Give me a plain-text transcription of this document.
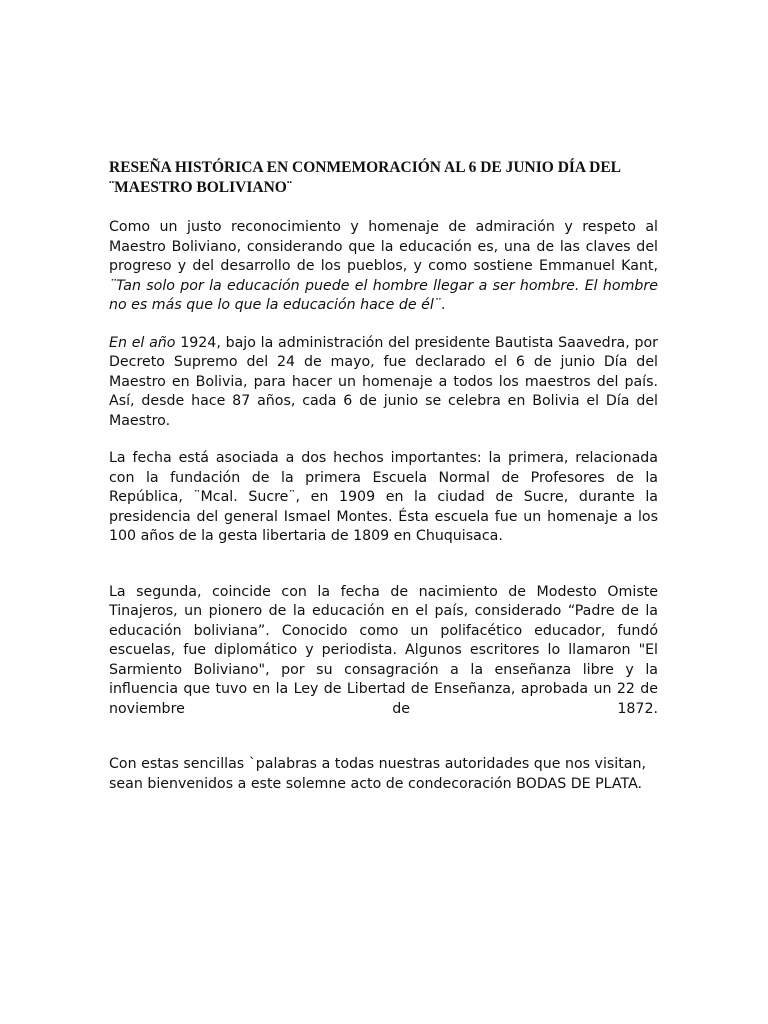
RESEÑA HISTÓRICA EN CONMEMORACIÓN AL 6 DE JUNIO DÍA DEL ¨MAESTRO BOLIVIANO¨

Como un justo reconocimiento y homenaje de admiración y respeto al Maestro Boliviano, considerando que la educación es, una de las claves del progreso y del desarrollo de los pueblos, y como sostiene Emmanuel Kant, ¨Tan solo por la educación puede el hombre llegar a ser hombre. El hombre no es más que lo que la educación hace de él¨.

En el año 1924, bajo la administración del presidente Bautista Saavedra, por Decreto Supremo del 24 de mayo, fue declarado el 6 de junio Día del Maestro en Bolivia, para hacer un homenaje a todos los maestros del país. Así, desde hace 87 años, cada 6 de junio se celebra en Bolivia el Día del Maestro.

La fecha está asociada a dos hechos importantes: la primera, relacionada con la fundación de la primera Escuela Normal de Profesores de la República, ¨Mcal. Sucre¨, en 1909 en la ciudad de Sucre, durante la presidencia del general Ismael Montes. Ésta escuela fue un homenaje a los 100 años de la gesta libertaria de 1809 en Chuquisaca.

La segunda, coincide con la fecha de nacimiento de Modesto Omiste Tinajeros, un pionero de la educación en el país, considerado “Padre de la educación boliviana”. Conocido como un polifacético educador, fundó escuelas, fue diplomático y periodista. Algunos escritores lo llamaron "El Sarmiento Boliviano", por su consagración a la enseñanza libre y la influencia que tuvo en la Ley de Libertad de Enseñanza, aprobada un 22 de noviembre de 1872.

Con estas sencillas `palabras a todas nuestras autoridades que nos visitan, sean bienvenidos a este solemne acto de condecoración BODAS DE PLATA.
